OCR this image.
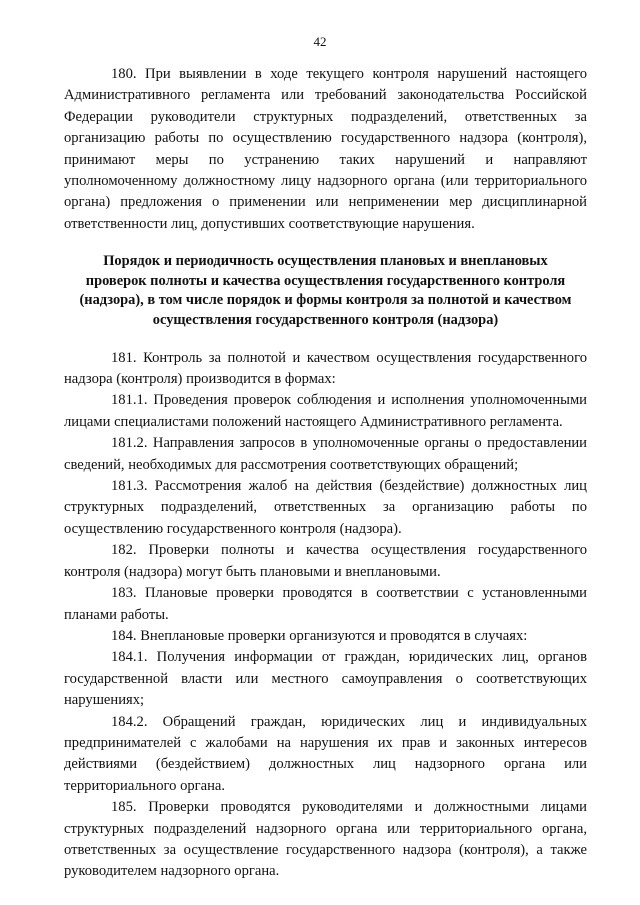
42

180. При выявлении в ходе текущего контроля нарушений настоящего Административного регламента или требований законодательства Российской Федерации руководители структурных подразделений, ответственных за организацию работы по осуществлению государственного надзора (контроля), принимают меры по устранению таких нарушений и направляют уполномоченному должностному лицу надзорного органа (или территориального органа) предложения о применении или неприменении мер дисциплинарной ответственности лиц, допустивших соответствующие нарушения.

Порядок и периодичность осуществления плановых и внеплановых
проверок полноты и качества осуществления государственного контроля
(надзора), в том числе порядок и формы контроля за полнотой и качеством
осуществления государственного контроля (надзора)

181. Контроль за полнотой и качеством осуществления государственного надзора (контроля) производится в формах:

181.1. Проведения проверок соблюдения и исполнения уполномоченными лицами специалистами положений настоящего Административного регламента.

181.2. Направления запросов в уполномоченные органы о предоставлении сведений, необходимых для рассмотрения соответствующих обращений;

181.3. Рассмотрения жалоб на действия (бездействие) должностных лиц структурных подразделений, ответственных за организацию работы по осуществлению государственного контроля (надзора).

182. Проверки полноты и качества осуществления государственного контроля (надзора) могут быть плановыми и внеплановыми.

183. Плановые проверки проводятся в соответствии с установленными планами работы.

184. Внеплановые проверки организуются и проводятся в случаях:

184.1. Получения информации от граждан, юридических лиц, органов государственной власти или местного самоуправления о соответствующих нарушениях;

184.2. Обращений граждан, юридических лиц и индивидуальных предпринимателей с жалобами на нарушения их прав и законных интересов действиями (бездействием) должностных лиц надзорного органа или территориального органа.

185. Проверки проводятся руководителями и должностными лицами структурных подразделений надзорного органа или территориального органа, ответственных за осуществление государственного надзора (контроля), а также руководителем надзорного органа.
